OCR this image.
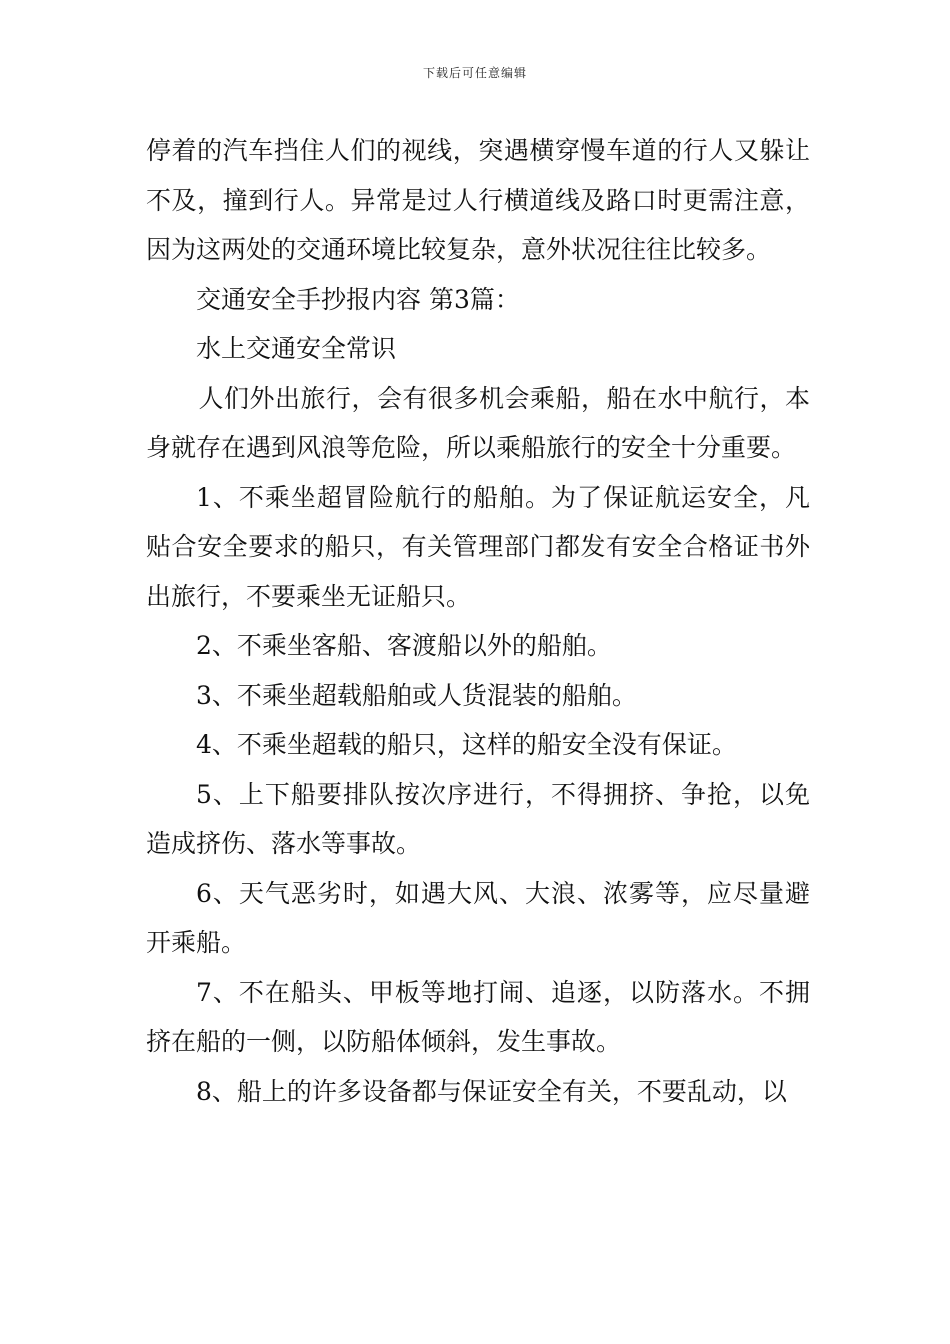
下载后可任意编辑

停着的汽车挡住人们的视线，突遇横穿慢车道的行人又躲让不及，撞到行人。异常是过人行横道线及路口时更需注意，因为这两处的交通环境比较复杂，意外状况往往比较多。

交通安全手抄报内容 第3篇：

水上交通安全常识

人们外出旅行，会有很多机会乘船，船在水中航行，本身就存在遇到风浪等危险，所以乘船旅行的安全十分重要。

1、不乘坐超冒险航行的船舶。为了保证航运安全，凡贴合安全要求的船只，有关管理部门都发有安全合格证书外出旅行，不要乘坐无证船只。

2、不乘坐客船、客渡船以外的船舶。

3、不乘坐超载船舶或人货混装的船舶。

4、不乘坐超载的船只，这样的船安全没有保证。

5、上下船要排队按次序进行，不得拥挤、争抢，以免造成挤伤、落水等事故。

6、天气恶劣时，如遇大风、大浪、浓雾等，应尽量避开乘船。

7、不在船头、甲板等地打闹、追逐，以防落水。不拥挤在船的一侧，以防船体倾斜，发生事故。

8、船上的许多设备都与保证安全有关，不要乱动，以
